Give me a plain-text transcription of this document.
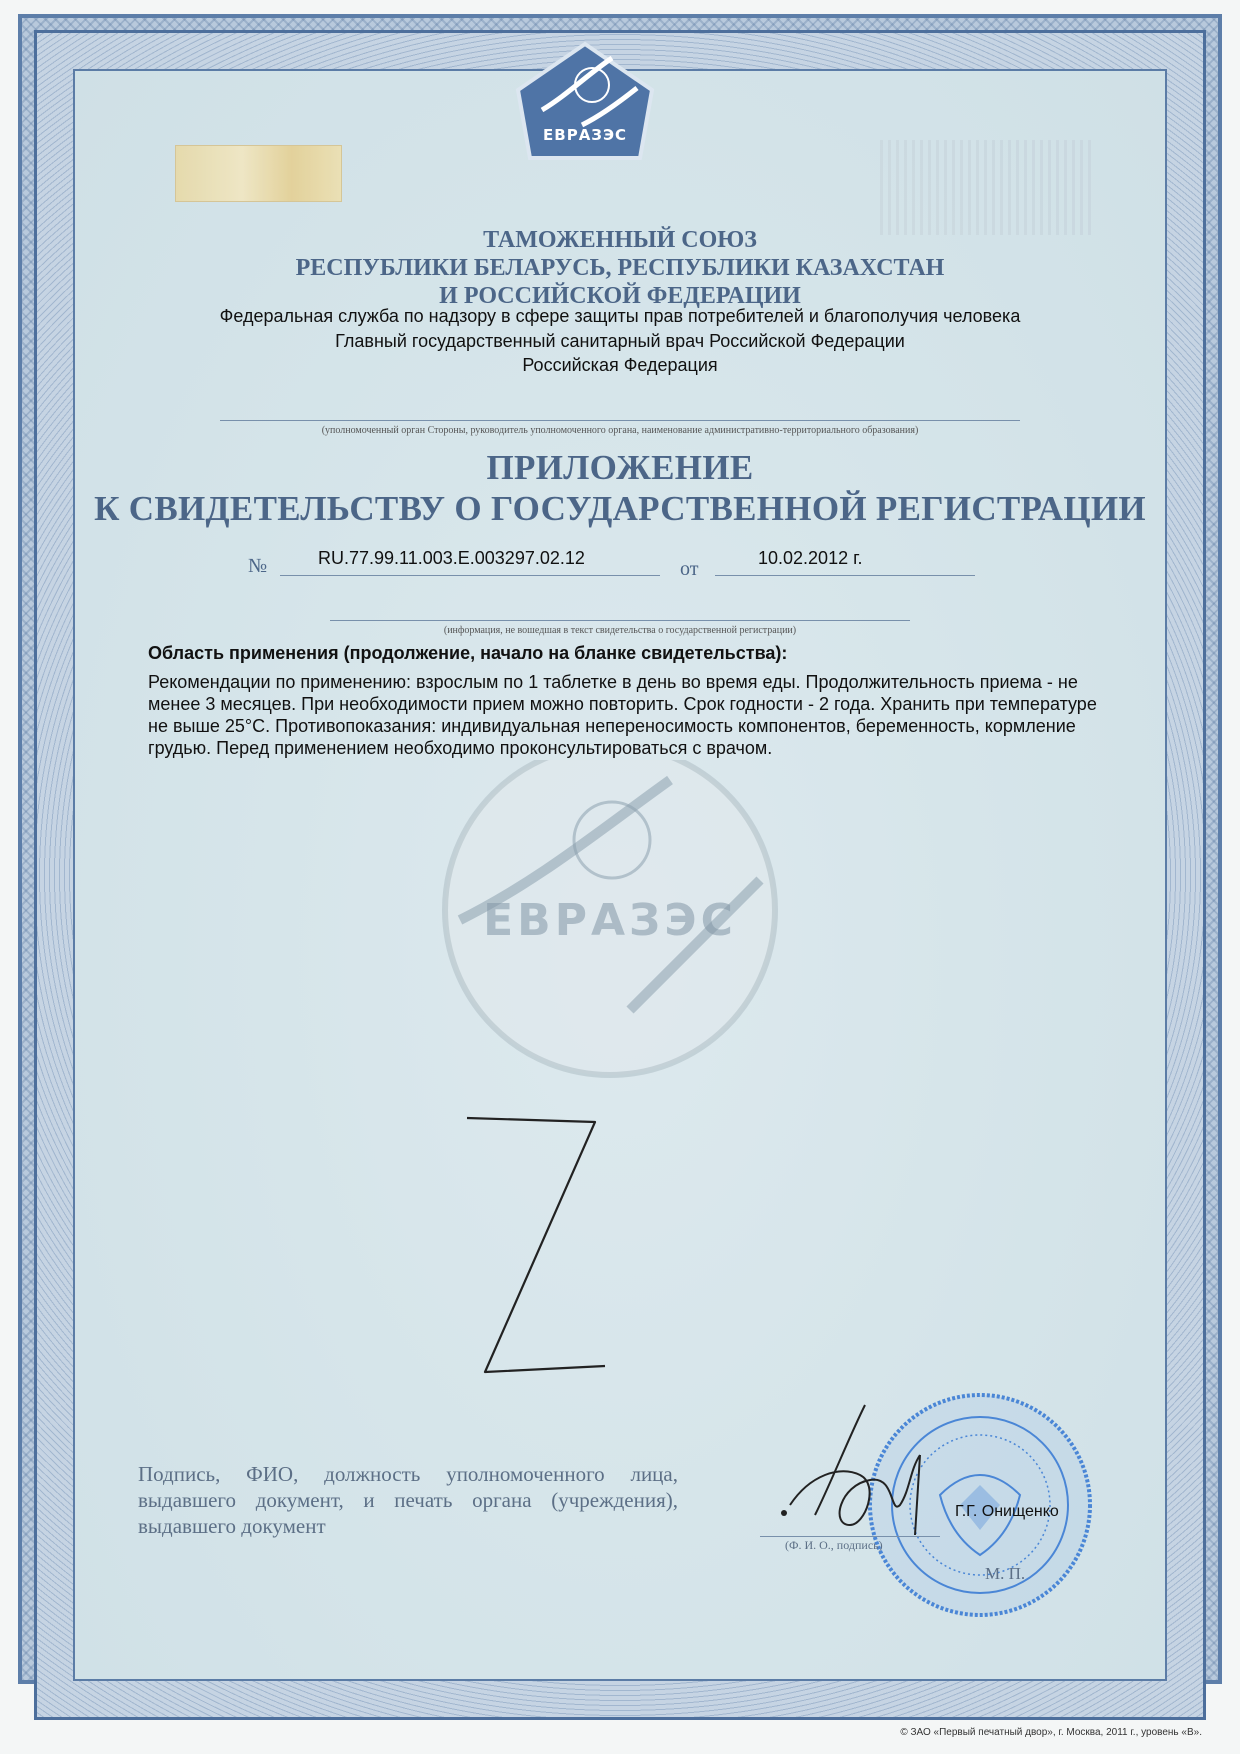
ЕВРАЗЭС
ЕВРАЗЭС
ТАМОЖЕННЫЙ СОЮЗ
РЕСПУБЛИКИ БЕЛАРУСЬ, РЕСПУБЛИКИ КАЗАХСТАН
И РОССИЙСКОЙ ФЕДЕРАЦИИ
Федеральная служба по надзору в сфере защиты прав потребителей и благополучия человека
Главный государственный санитарный врач Российской Федерации
Российская Федерация
(уполномоченный орган Стороны, руководитель уполномоченного органа, наименование административно-территориального образования)
ПРИЛОЖЕНИЕ
К СВИДЕТЕЛЬСТВУ О ГОСУДАРСТВЕННОЙ РЕГИСТРАЦИИ
№	RU.77.99.11.003.E.003297.02.12	от	10.02.2012 г.
(информация, не вошедшая в текст свидетельства о государственной регистрации)
Область применения (продолжение, начало на бланке свидетельства):
Рекомендации по применению: взрослым по 1 таблетке в день во время еды. Продолжительность приема - не менее 3 месяцев. При необходимости прием можно повторить. Срок годности - 2 года. Хранить при температуре не выше 25°С. Противопоказания: индивидуальная непереносимость компонентов, беременность, кормление грудью. Перед применением необходимо проконсультироваться с врачом.
Подпись, ФИО, должность уполномоченного лица, выдавшего документ, и печать органа (учреждения), выдавшего документ
Г.Г. Онищенко
(Ф. И. О., подпись)
М. П.
© ЗАО «Первый печатный двор», г. Москва, 2011 г., уровень «В».
